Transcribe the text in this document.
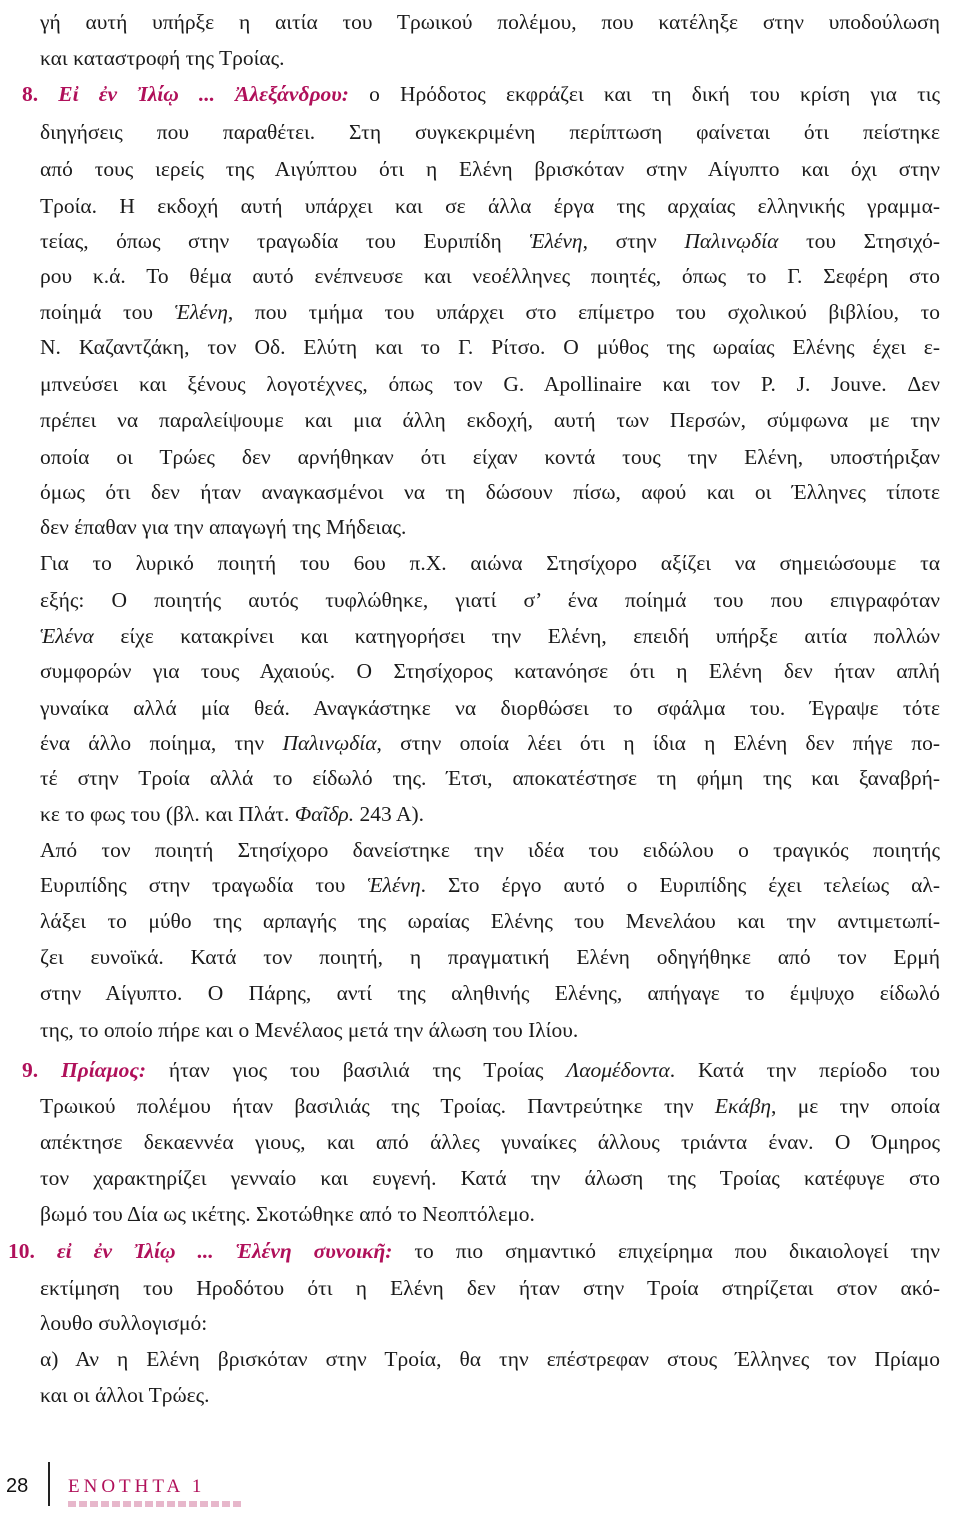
γή αυτή υπήρξε η αιτία του Τρωικού πολέμου, που κατέληξε στην υποδούλωση
και καταστροφή της Τροίας.
8. Εἰ ἐν Ἰλίῳ ... Ἀλεξάνδρου: ο Ηρόδοτος εκφράζει και τη δική του κρίση για τις
διηγήσεις που παραθέτει. Στη συγκεκριμένη περίπτωση φαίνεται ότι πείστηκε
από τους ιερείς της Αιγύπτου ότι η Ελένη βρισκόταν στην Αίγυπτο και όχι στην
Τροία. Η εκδοχή αυτή υπάρχει και σε άλλα έργα της αρχαίας ελληνικής γραμμα-
τείας, όπως στην τραγωδία του Ευριπίδη Ἑλένη, στην Παλινῳδία του Στησιχό-
ρου κ.ά. Το θέμα αυτό ενέπνευσε και νεοέλληνες ποιητές, όπως το Γ. Σεφέρη στο
ποίημά του Ἑλένη, που τμήμα του υπάρχει στο επίμετρο του σχολικού βιβλίου, το
Ν. Καζαντζάκη, τον Οδ. Ελύτη και το Γ. Ρίτσο. Ο μύθος της ωραίας Ελένης έχει ε-
μπνεύσει και ξένους λογοτέχνες, όπως τον G. Apollinaire και τον P. J. Jouve. Δεν
πρέπει να παραλείψουμε και μια άλλη εκδοχή, αυτή των Περσών, σύμφωνα με την
οποία οι Τρώες δεν αρνήθηκαν ότι είχαν κοντά τους την Ελένη, υποστήριξαν
όμως ότι δεν ήταν αναγκασμένοι να τη δώσουν πίσω, αφού και οι Έλληνες τίποτε
δεν έπαθαν για την απαγωγή της Μήδειας.
Για το λυρικό ποιητή του 6ου π.Χ. αιώνα Στησίχορο αξίζει να σημειώσουμε τα
εξής: Ο ποιητής αυτός τυφλώθηκε, γιατί σ’ ένα ποίημά του που επιγραφόταν
Ἑλένα είχε κατακρίνει και κατηγορήσει την Ελένη, επειδή υπήρξε αιτία πολλών
συμφορών για τους Αχαιούς. Ο Στησίχορος κατανόησε ότι η Ελένη δεν ήταν απλή
γυναίκα αλλά μία θεά. Αναγκάστηκε να διορθώσει το σφάλμα του. Έγραψε τότε
ένα άλλο ποίημα, την Παλινῳδία, στην οποία λέει ότι η ίδια η Ελένη δεν πήγε πο-
τέ στην Τροία αλλά το είδωλό της. Έτσι, αποκατέστησε τη φήμη της και ξαναβρή-
κε το φως του (βλ. και Πλάτ. Φαῖδρ. 243 Α).
Από τον ποιητή Στησίχορο δανείστηκε την ιδέα του ειδώλου ο τραγικός ποιητής
Ευριπίδης στην τραγωδία του Ἑλένη. Στο έργο αυτό ο Ευριπίδης έχει τελείως αλ-
λάξει το μύθο της αρπαγής της ωραίας Ελένης του Μενελάου και την αντιμετωπί-
ζει ευνοϊκά. Κατά τον ποιητή, η πραγματική Ελένη οδηγήθηκε από τον Ερμή
στην Αίγυπτο. Ο Πάρης, αντί της αληθινής Ελένης, απήγαγε το έμψυχο είδωλό
της, το οποίο πήρε και ο Μενέλαος μετά την άλωση του Ιλίου.
9. Πρίαμος: ήταν γιος του βασιλιά της Τροίας Λαομέδοντα. Κατά την περίοδο του
Τρωικού πολέμου ήταν βασιλιάς της Τροίας. Παντρεύτηκε την Εκάβη, με την οποία
απέκτησε δεκαεννέα γιους, και από άλλες γυναίκες άλλους τριάντα έναν. Ο Όμηρος
τον χαρακτηρίζει γενναίο και ευγενή. Κατά την άλωση της Τροίας κατέφυγε στο
βωμό του Δία ως ικέτης. Σκοτώθηκε από το Νεοπτόλεμο.
10. εἰ ἐν Ἰλίῳ ... Ἑλένη συνοικῆ: το πιο σημαντικό επιχείρημα που δικαιολογεί την
εκτίμηση του Ηροδότου ότι η Ελένη δεν ήταν στην Τροία στηρίζεται στον ακό-
λουθο συλλογισμό:
α) Αν η Ελένη βρισκόταν στην Τροία, θα την επέστρεφαν στους Έλληνες τον Πρίαμο
και οι άλλοι Τρώες.
28 ΕΝΟΤΗΤΑ 1
